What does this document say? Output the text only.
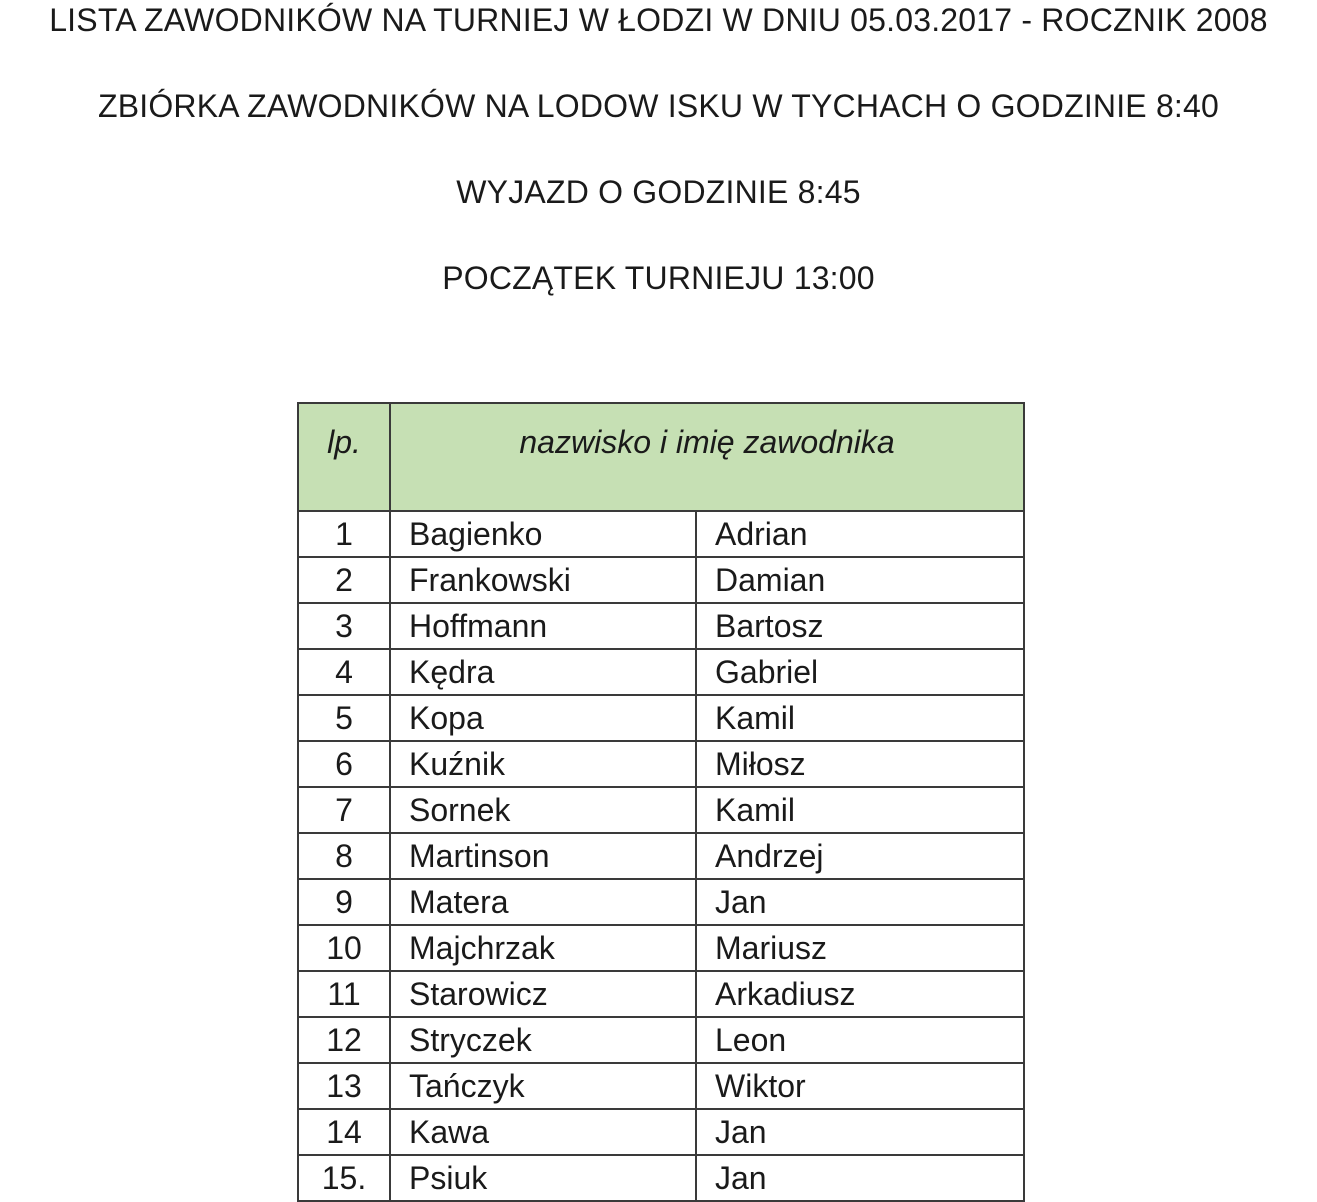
LISTA ZAWODNIKÓW NA TURNIEJ W ŁODZI W DNIU 05.03.2017 - ROCZNIK 2008
ZBIÓRKA ZAWODNIKÓW NA LODOW ISKU W TYCHACH O GODZINIE 8:40
WYJAZD O GODZINIE 8:45
POCZĄTEK TURNIEJU 13:00
lp.	nazwisko i imię zawodnika	
1	Bagienko	Adrian
2	Frankowski	Damian
3	Hoffmann	Bartosz
4	Kędra	Gabriel
5	Kopa	Kamil
6	Kuźnik	Miłosz
7	Sornek	Kamil
8	Martinson	Andrzej
9	Matera	Jan
10	Majchrzak	Mariusz
11	Starowicz	Arkadiusz
12	Stryczek	Leon
13	Tańczyk	Wiktor
14	Kawa	Jan
15.	Psiuk	Jan
